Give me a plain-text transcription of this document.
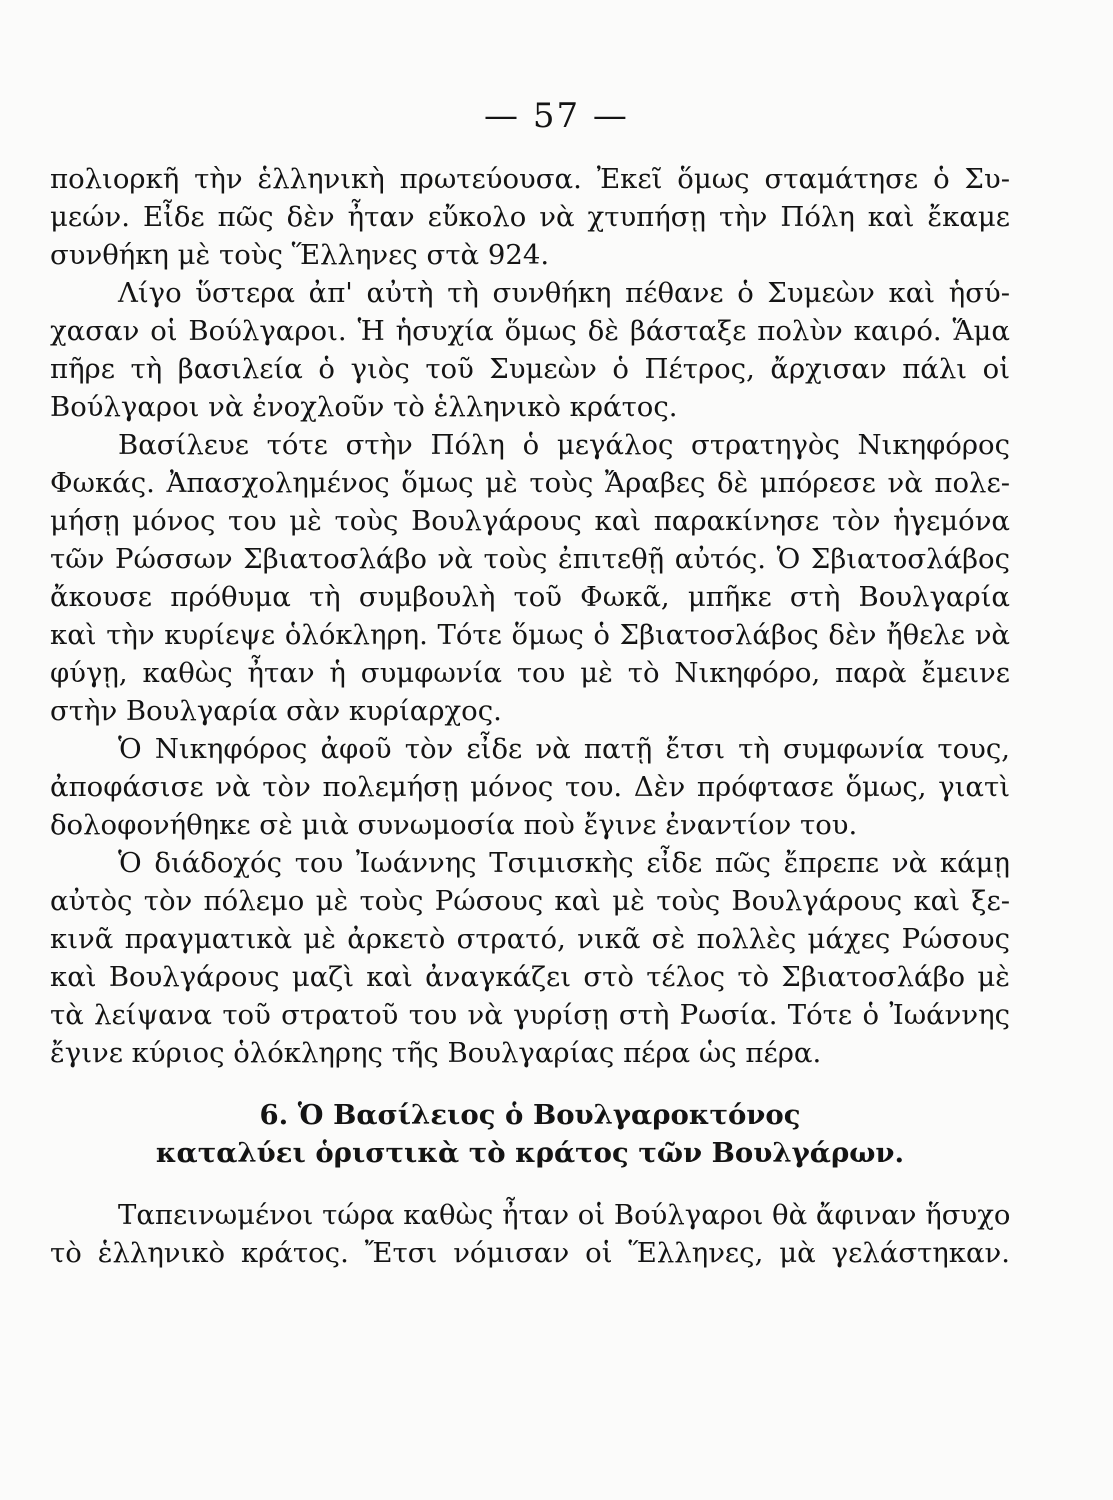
— 57 —
πολιορκῆ τὴν ἑλληνικὴ πρωτεύουσα. Ἐκεῖ ὅμως σταμάτησε ὁ Συ-
μεών. Εἶδε πῶς δὲν ἦταν εὔκολο νὰ χτυπήσῃ τὴν Πόλη καὶ ἔκαμε
συνθήκη μὲ τοὺς Ἕλληνες στὰ 924.
Λίγο ὕστερα ἀπ' αὐτὴ τὴ συνθήκη πέθανε ὁ Συμεὼν καὶ ἡσύ-
χασαν οἱ Βούλγαροι. Ἡ ἡσυχία ὅμως δὲ βάσταξε πολὺν καιρό. Ἅμα
πῆρε τὴ βασιλεία ὁ γιὸς τοῦ Συμεὼν ὁ Πέτρος, ἄρχισαν πάλι οἱ
Βούλγαροι νὰ ἐνοχλοῦν τὸ ἑλληνικὸ κράτος.
Βασίλευε τότε στὴν Πόλη ὁ μεγάλος στρατηγὸς Νικηφόρος
Φωκάς. Ἀπασχολημένος ὅμως μὲ τοὺς Ἄραβες δὲ μπόρεσε νὰ πολε-
μήσῃ μόνος του μὲ τοὺς Βουλγάρους καὶ παρακίνησε τὸν ἡγεμόνα
τῶν Ρώσσων Σβιατοσλάβο νὰ τοὺς ἐπιτεθῇ αὐτός. Ὁ Σβιατοσλάβος
ἄκουσε πρόθυμα τὴ συμβουλὴ τοῦ Φωκᾶ, μπῆκε στὴ Βουλγαρία
καὶ τὴν κυρίεψε ὁλόκληρη. Τότε ὅμως ὁ Σβιατοσλάβος δὲν ἤθελε νὰ
φύγῃ, καθὼς ἦταν ἡ συμφωνία του μὲ τὸ Νικηφόρο, παρὰ ἔμεινε
στὴν Βουλγαρία σὰν κυρίαρχος.
Ὁ Νικηφόρος ἀφοῦ τὸν εἶδε νὰ πατῇ ἔτσι τὴ συμφωνία τους,
ἀποφάσισε νὰ τὸν πολεμήσῃ μόνος του. Δὲν πρόφτασε ὅμως, γιατὶ
δολοφονήθηκε σὲ μιὰ συνωμοσία ποὺ ἔγινε ἐναντίον του.
Ὁ διάδοχός του Ἰωάννης Τσιμισκὴς εἶδε πῶς ἔπρεπε νὰ κάμῃ
αὐτὸς τὸν πόλεμο μὲ τοὺς Ρώσους καὶ μὲ τοὺς Βουλγάρους καὶ ξε-
κινᾶ πραγματικὰ μὲ ἀρκετὸ στρατό, νικᾶ σὲ πολλὲς μάχες Ρώσους
καὶ Βουλγάρους μαζὶ καὶ ἀναγκάζει στὸ τέλος τὸ Σβιατοσλάβο μὲ
τὰ λείψανα τοῦ στρατοῦ του νὰ γυρίσῃ στὴ Ρωσία. Τότε ὁ Ἰωάννης
ἔγινε κύριος ὁλόκληρης τῆς Βουλγαρίας πέρα ὡς πέρα.
6. Ὁ Βασίλειος ὁ Βουλγαροκτόνος
καταλύει ὁριστικὰ τὸ κράτος τῶν Βουλγάρων.
Ταπεινωμένοι τώρα καθὼς ἦταν οἱ Βούλγαροι θὰ ἄφιναν ἥσυχο
τὸ ἑλληνικὸ κράτος. Ἔτσι νόμισαν οἱ Ἕλληνες, μὰ γελάστηκαν.
